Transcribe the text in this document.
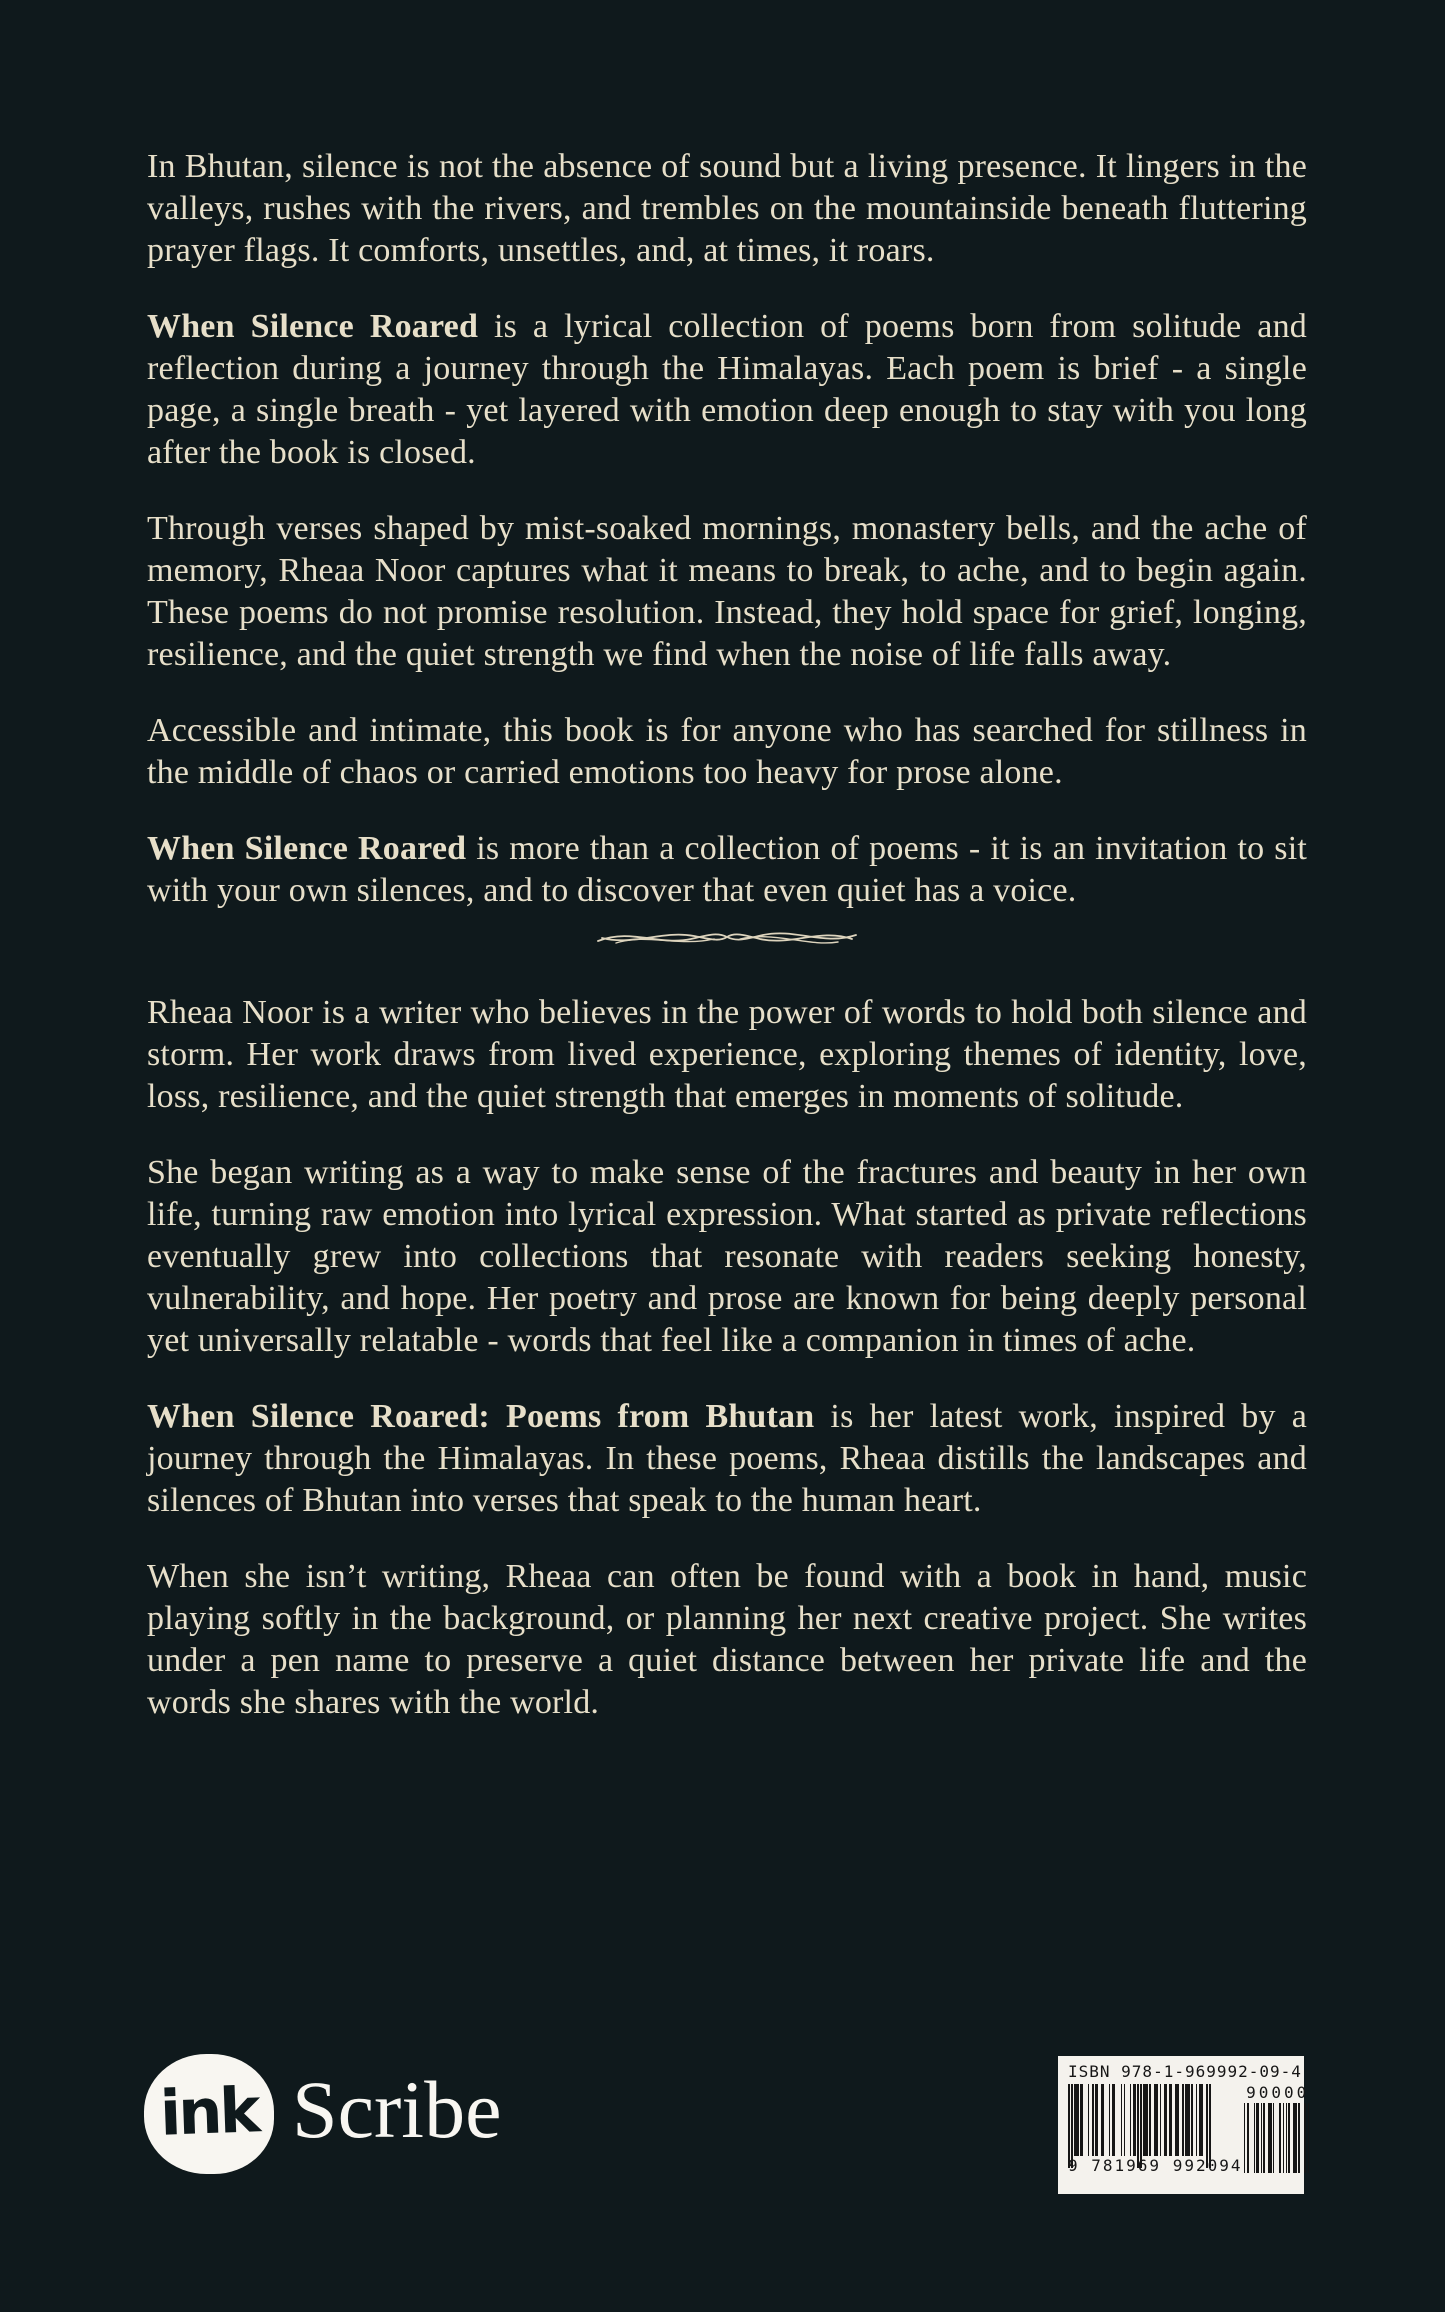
In Bhutan, silence is not the absence of sound but a living presence. It lingers in the valleys, rushes with the rivers, and trembles on the mountainside beneath fluttering prayer flags. It comforts, unsettles, and, at times, it roars.

When Silence Roared is a lyrical collection of poems born from solitude and reflection during a journey through the Himalayas. Each poem is brief - a single page, a single breath - yet layered with emotion deep enough to stay with you long after the book is closed.

Through verses shaped by mist-soaked mornings, monastery bells, and the ache of memory, Rheaa Noor captures what it means to break, to ache, and to begin again. These poems do not promise resolution. Instead, they hold space for grief, longing, resilience, and the quiet strength we find when the noise of life falls away.

Accessible and intimate, this book is for anyone who has searched for stillness in the middle of chaos or carried emotions too heavy for prose alone.

When Silence Roared is more than a collection of poems - it is an invitation to sit with your own silences, and to discover that even quiet has a voice.

Rheaa Noor is a writer who believes in the power of words to hold both silence and storm. Her work draws from lived experience, exploring themes of identity, love, loss, resilience, and the quiet strength that emerges in moments of solitude.

She began writing as a way to make sense of the fractures and beauty in her own life, turning raw emotion into lyrical expression. What started as private reflections eventually grew into collections that resonate with readers seeking honesty, vulnerability, and hope. Her poetry and prose are known for being deeply personal yet universally relatable - words that feel like a companion in times of ache.

When Silence Roared: Poems from Bhutan is her latest work, inspired by a journey through the Himalayas. In these poems, Rheaa distills the landscapes and silences of Bhutan into verses that speak to the human heart.

When she isn’t writing, Rheaa can often be found with a book in hand, music playing softly in the background, or planning her next creative project. She writes under a pen name to preserve a quiet distance between her private life and the words she shares with the world.

ink Scribe	ISBN 978-1-969992-09-4
9 781969 992094
90000
